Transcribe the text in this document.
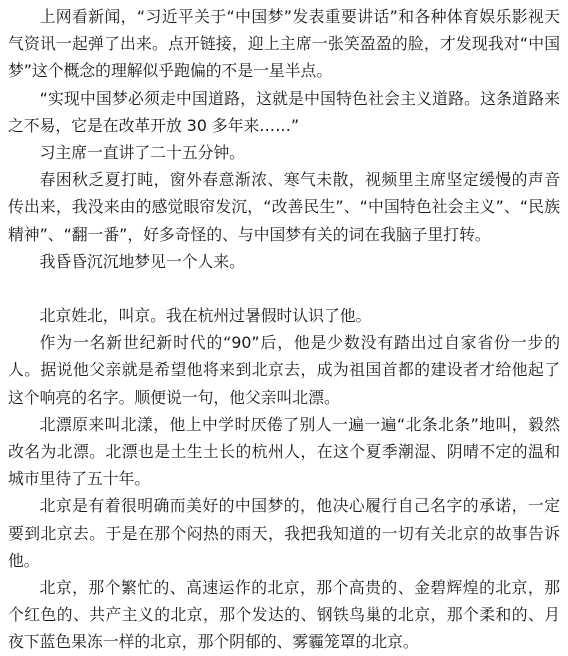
上网看新闻，“习近平关于“中国梦”发表重要讲话”和各种体育娱乐影视天气资讯一起弹了出来。点开链接，迎上主席一张笑盈盈的脸，才发现我对“中国梦”这个概念的理解似乎跑偏的不是一星半点。

“实现中国梦必须走中国道路，这就是中国特色社会主义道路。这条道路来之不易，它是在改革开放 30 多年来……”

习主席一直讲了二十五分钟。

春困秋乏夏打盹，窗外春意渐浓、寒气未散，视频里主席坚定缓慢的声音传出来，我没来由的感觉眼帘发沉，“改善民生”、“中国特色社会主义”、“民族精神”、“翻一番”，好多奇怪的、与中国梦有关的词在我脑子里打转。

我昏昏沉沉地梦见一个人来。

北京姓北，叫京。我在杭州过暑假时认识了他。

作为一名新世纪新时代的“90”后，他是少数没有踏出过自家省份一步的人。据说他父亲就是希望他将来到北京去，成为祖国首都的建设者才给他起了这个响亮的名字。顺便说一句，他父亲叫北漂。

北漂原来叫北漾，他上中学时厌倦了别人一遍一遍“北条北条”地叫，毅然改名为北漂。北漂也是土生土长的杭州人，在这个夏季潮湿、阴晴不定的温和城市里待了五十年。

北京是有着很明确而美好的中国梦的，他决心履行自己名字的承诺，一定要到北京去。于是在那个闷热的雨天，我把我知道的一切有关北京的故事告诉他。

北京，那个繁忙的、高速运作的北京，那个高贵的、金碧辉煌的北京，那个红色的、共产主义的北京，那个发达的、钢铁鸟巢的北京，那个柔和的、月夜下蓝色果冻一样的北京，那个阴郁的、雾霾笼罩的北京。
